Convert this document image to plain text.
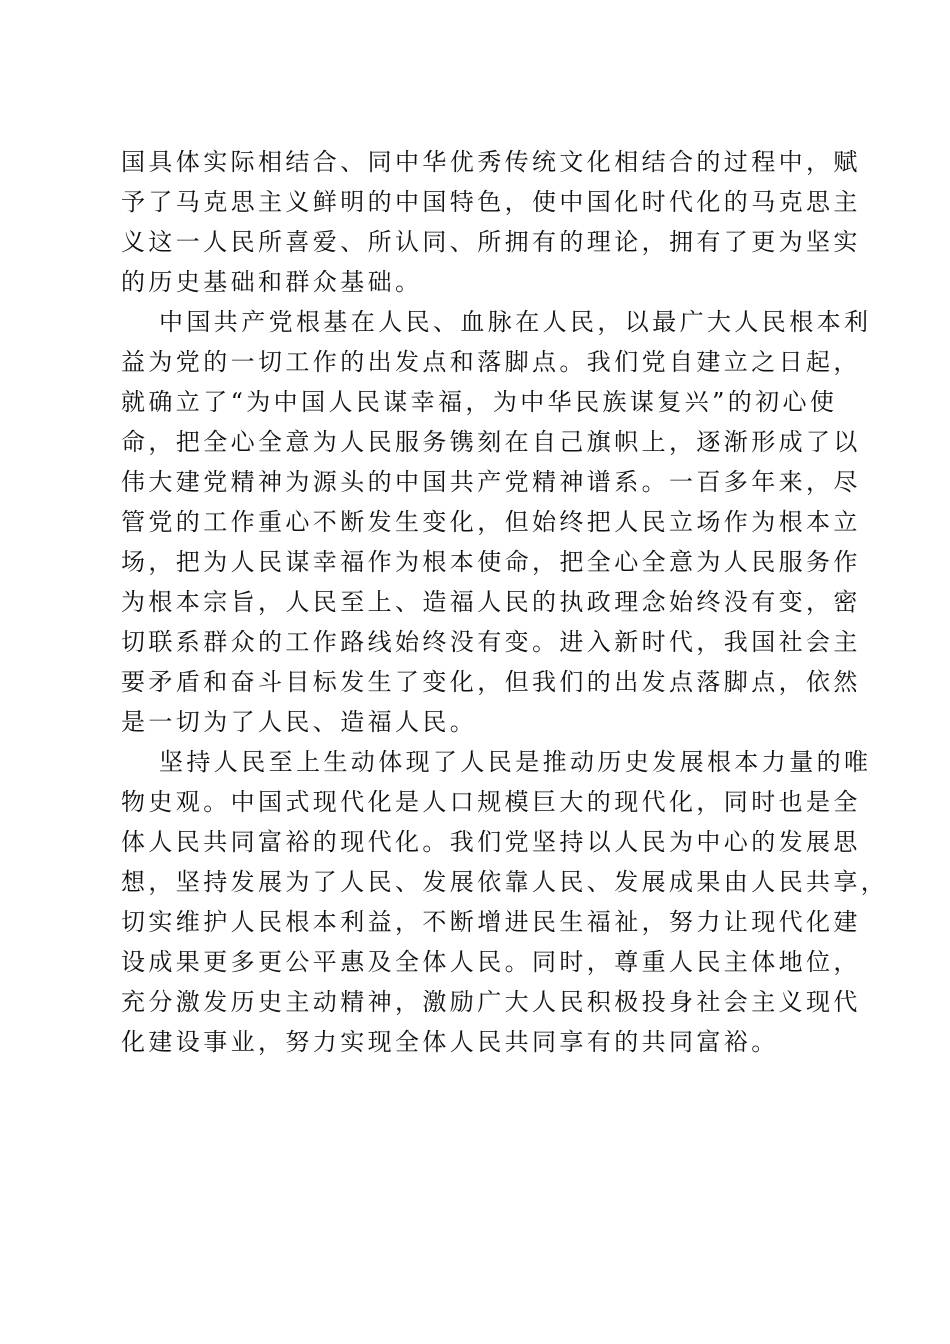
国具体实际相结合、同中华优秀传统文化相结合的过程中，赋
予了马克思主义鲜明的中国特色，使中国化时代化的马克思主
义这一人民所喜爱、所认同、所拥有的理论，拥有了更为坚实
的历史基础和群众基础。
中国共产党根基在人民、血脉在人民，以最广大人民根本利
益为党的一切工作的出发点和落脚点。我们党自建立之日起，
就确立了“为中国人民谋幸福，为中华民族谋复兴”的初心使
命，把全心全意为人民服务镌刻在自己旗帜上，逐渐形成了以
伟大建党精神为源头的中国共产党精神谱系。一百多年来，尽
管党的工作重心不断发生变化，但始终把人民立场作为根本立
场，把为人民谋幸福作为根本使命，把全心全意为人民服务作
为根本宗旨，人民至上、造福人民的执政理念始终没有变，密
切联系群众的工作路线始终没有变。进入新时代，我国社会主
要矛盾和奋斗目标发生了变化，但我们的出发点落脚点，依然
是一切为了人民、造福人民。
坚持人民至上生动体现了人民是推动历史发展根本力量的唯
物史观。中国式现代化是人口规模巨大的现代化，同时也是全
体人民共同富裕的现代化。我们党坚持以人民为中心的发展思
想，坚持发展为了人民、发展依靠人民、发展成果由人民共享，
切实维护人民根本利益，不断增进民生福祉，努力让现代化建
设成果更多更公平惠及全体人民。同时，尊重人民主体地位，
充分激发历史主动精神，激励广大人民积极投身社会主义现代
化建设事业，努力实现全体人民共同享有的共同富裕。
